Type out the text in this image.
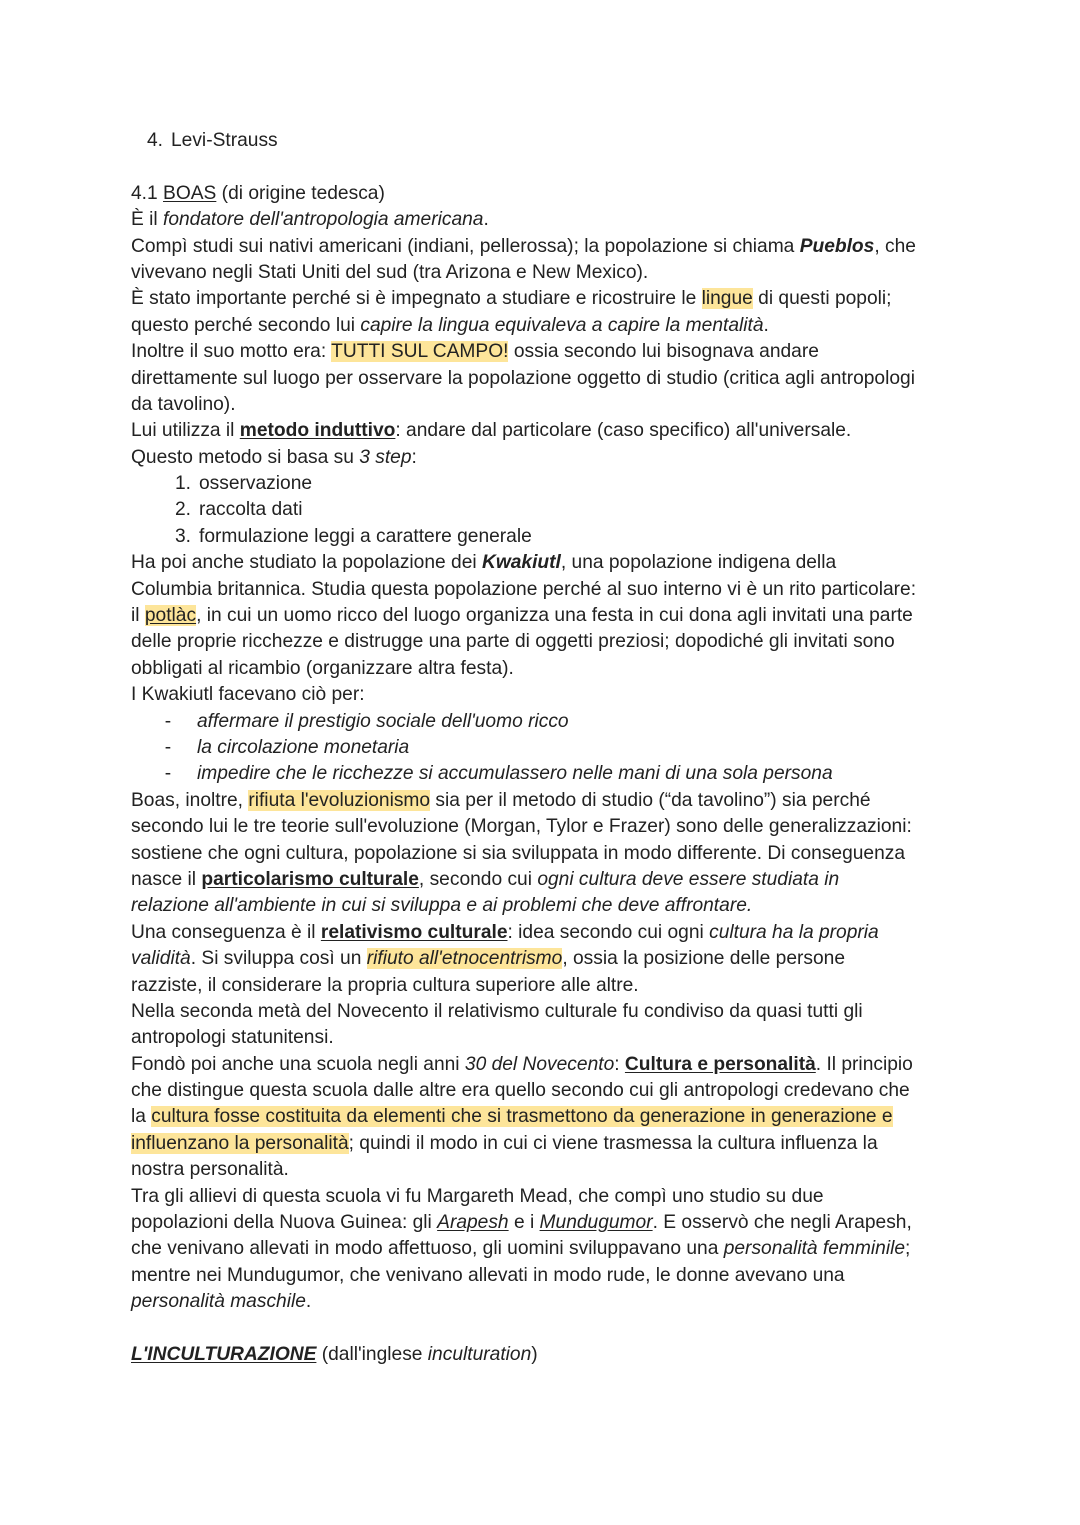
4. Levi-Strauss
4.1 BOAS (di origine tedesca)
È il fondatore dell'antropologia americana.
Compì studi sui nativi americani (indiani, pellerossa); la popolazione si chiama Pueblos, che
vivevano negli Stati Uniti del sud (tra Arizona e New Mexico).
È stato importante perché si è impegnato a studiare e ricostruire le lingue di questi popoli;
questo perché secondo lui capire la lingua equivaleva a capire la mentalità.
Inoltre il suo motto era: TUTTI SUL CAMPO! ossia secondo lui bisognava andare
direttamente sul luogo per osservare la popolazione oggetto di studio (critica agli antropologi
da tavolino).
Lui utilizza il metodo induttivo: andare dal particolare (caso specifico) all'universale.
Questo metodo si basa su 3 step:
1. osservazione
2. raccolta dati
3. formulazione leggi a carattere generale
Ha poi anche studiato la popolazione dei Kwakiutl, una popolazione indigena della
Columbia britannica. Studia questa popolazione perché al suo interno vi è un rito particolare:
il potlàc, in cui un uomo ricco del luogo organizza una festa in cui dona agli invitati una parte
delle proprie ricchezze e distrugge una parte di oggetti preziosi; dopodiché gli invitati sono
obbligati al ricambio (organizzare altra festa).
I Kwakiutl facevano ciò per:
- affermare il prestigio sociale dell'uomo ricco
- la circolazione monetaria
- impedire che le ricchezze si accumulassero nelle mani di una sola persona
Boas, inoltre, rifiuta l'evoluzionismo sia per il metodo di studio (“da tavolino”) sia perché
secondo lui le tre teorie sull'evoluzione (Morgan, Tylor e Frazer) sono delle generalizzazioni:
sostiene che ogni cultura, popolazione si sia sviluppata in modo differente. Di conseguenza
nasce il particolarismo culturale, secondo cui ogni cultura deve essere studiata in
relazione all'ambiente in cui si sviluppa e ai problemi che deve affrontare.
Una conseguenza è il relativismo culturale: idea secondo cui ogni cultura ha la propria
validità. Si sviluppa così un rifiuto all'etnocentrismo, ossia la posizione delle persone
razziste, il considerare la propria cultura superiore alle altre.
Nella seconda metà del Novecento il relativismo culturale fu condiviso da quasi tutti gli
antropologi statunitensi.
Fondò poi anche una scuola negli anni 30 del Novecento: Cultura e personalità. Il principio
che distingue questa scuola dalle altre era quello secondo cui gli antropologi credevano che
la cultura fosse costituita da elementi che si trasmettono da generazione in generazione e
influenzano la personalità; quindi il modo in cui ci viene trasmessa la cultura influenza la
nostra personalità.
Tra gli allievi di questa scuola vi fu Margareth Mead, che compì uno studio su due
popolazioni della Nuova Guinea: gli Arapesh e i Mundugumor. E osservò che negli Arapesh,
che venivano allevati in modo affettuoso, gli uomini sviluppavano una personalità femminile;
mentre nei Mundugumor, che venivano allevati in modo rude, le donne avevano una
personalità maschile.
L'INCULTURAZIONE (dall'inglese inculturation)
